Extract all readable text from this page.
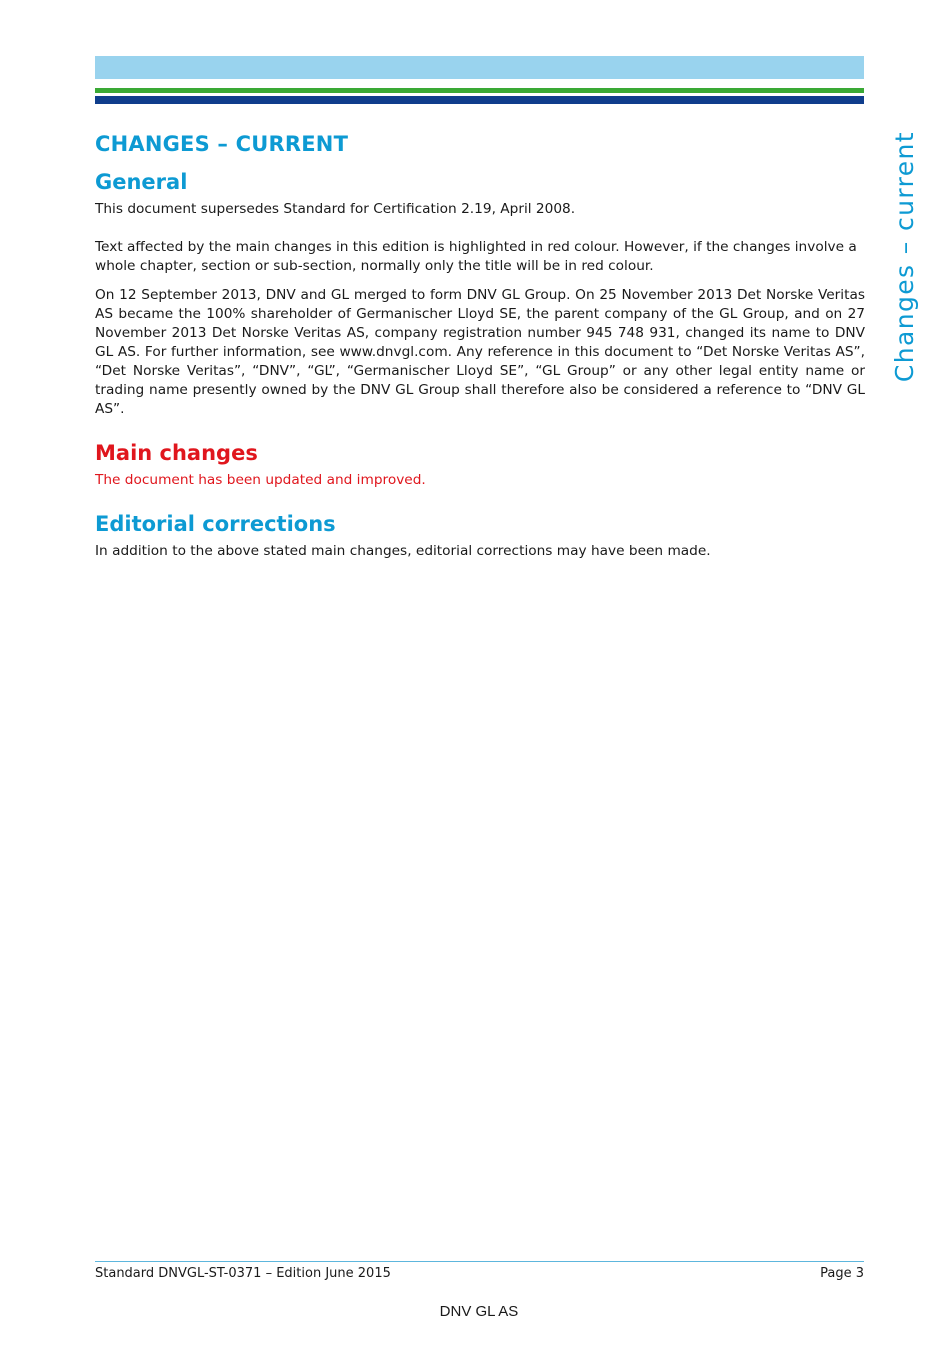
CHANGES – CURRENT
General

This document supersedes Standard for Certification 2.19, April 2008.

Text affected by the main changes in this edition is highlighted in red colour. However, if the changes involve a whole chapter, section or sub-section, normally only the title will be in red colour.

On 12 September 2013, DNV and GL merged to form DNV GL Group. On 25 November 2013 Det Norske Veritas AS became the 100% shareholder of Germanischer Lloyd SE, the parent company of the GL Group, and on 27 November 2013 Det Norske Veritas AS, company registration number 945 748 931, changed its name to DNV GL AS. For further information, see www.dnvgl.com. Any reference in this document to “Det Norske Veritas AS”, “Det Norske Veritas”, “DNV”, “GL”, “Germanischer Lloyd SE”, “GL Group” or any other legal entity name or trading name presently owned by the DNV GL Group shall therefore also be considered a reference to “DNV GL AS”.

Main changes

The document has been updated and improved.

Editorial corrections

In addition to the above stated main changes, editorial corrections may have been made.

Changes – current
Standard DNVGL-ST-0371 – Edition June 2015	Page 3
DNV GL AS
